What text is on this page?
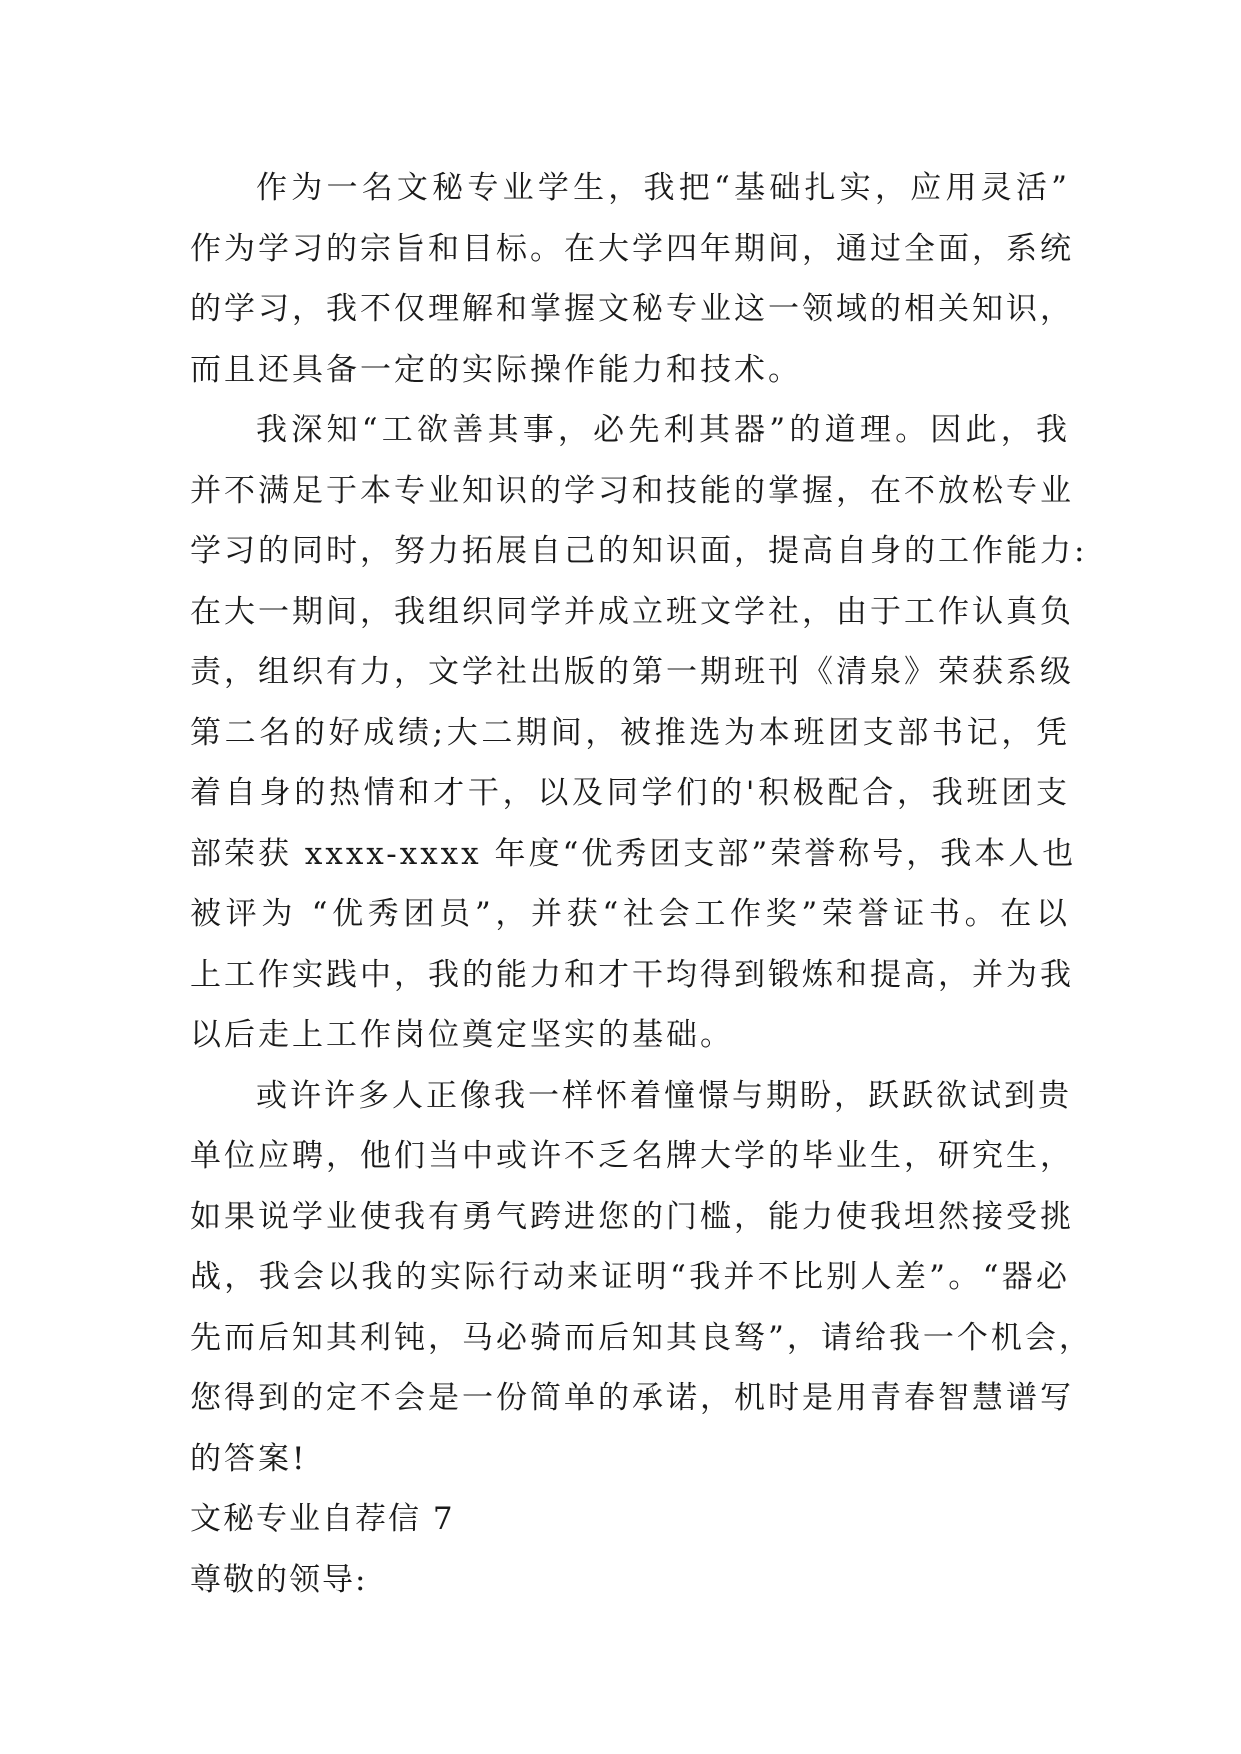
作为一名文秘专业学生，我把“基础扎实，应用灵活”
作为学习的宗旨和目标。在大学四年期间，通过全面，系统
的学习，我不仅理解和掌握文秘专业这一领域的相关知识，
而且还具备一定的实际操作能力和技术。
我深知“工欲善其事，必先利其器”的道理。因此，我
并不满足于本专业知识的学习和技能的掌握，在不放松专业
学习的同时，努力拓展自己的知识面，提高自身的工作能力:
在大一期间，我组织同学并成立班文学社，由于工作认真负
责，组织有力，文学社出版的第一期班刊《清泉》荣获系级
第二名的好成绩;大二期间，被推选为本班团支部书记，凭
着自身的热情和才干，以及同学们的'积极配合，我班团支
部荣获 xxxx-xxxx 年度“优秀团支部”荣誉称号，我本人也
被评为 “优秀团员”，并获“社会工作奖”荣誉证书。在以
上工作实践中，我的能力和才干均得到锻炼和提高，并为我
以后走上工作岗位奠定坚实的基础。
或许许多人正像我一样怀着憧憬与期盼，跃跃欲试到贵
单位应聘，他们当中或许不乏名牌大学的毕业生，研究生，
如果说学业使我有勇气跨进您的门槛，能力使我坦然接受挑
战，我会以我的实际行动来证明“我并不比别人差”。“器必
先而后知其利钝，马必骑而后知其良驽”，请给我一个机会，
您得到的定不会是一份简单的承诺，机时是用青春智慧谱写
的答案!
文秘专业自荐信 7
尊敬的领导:
